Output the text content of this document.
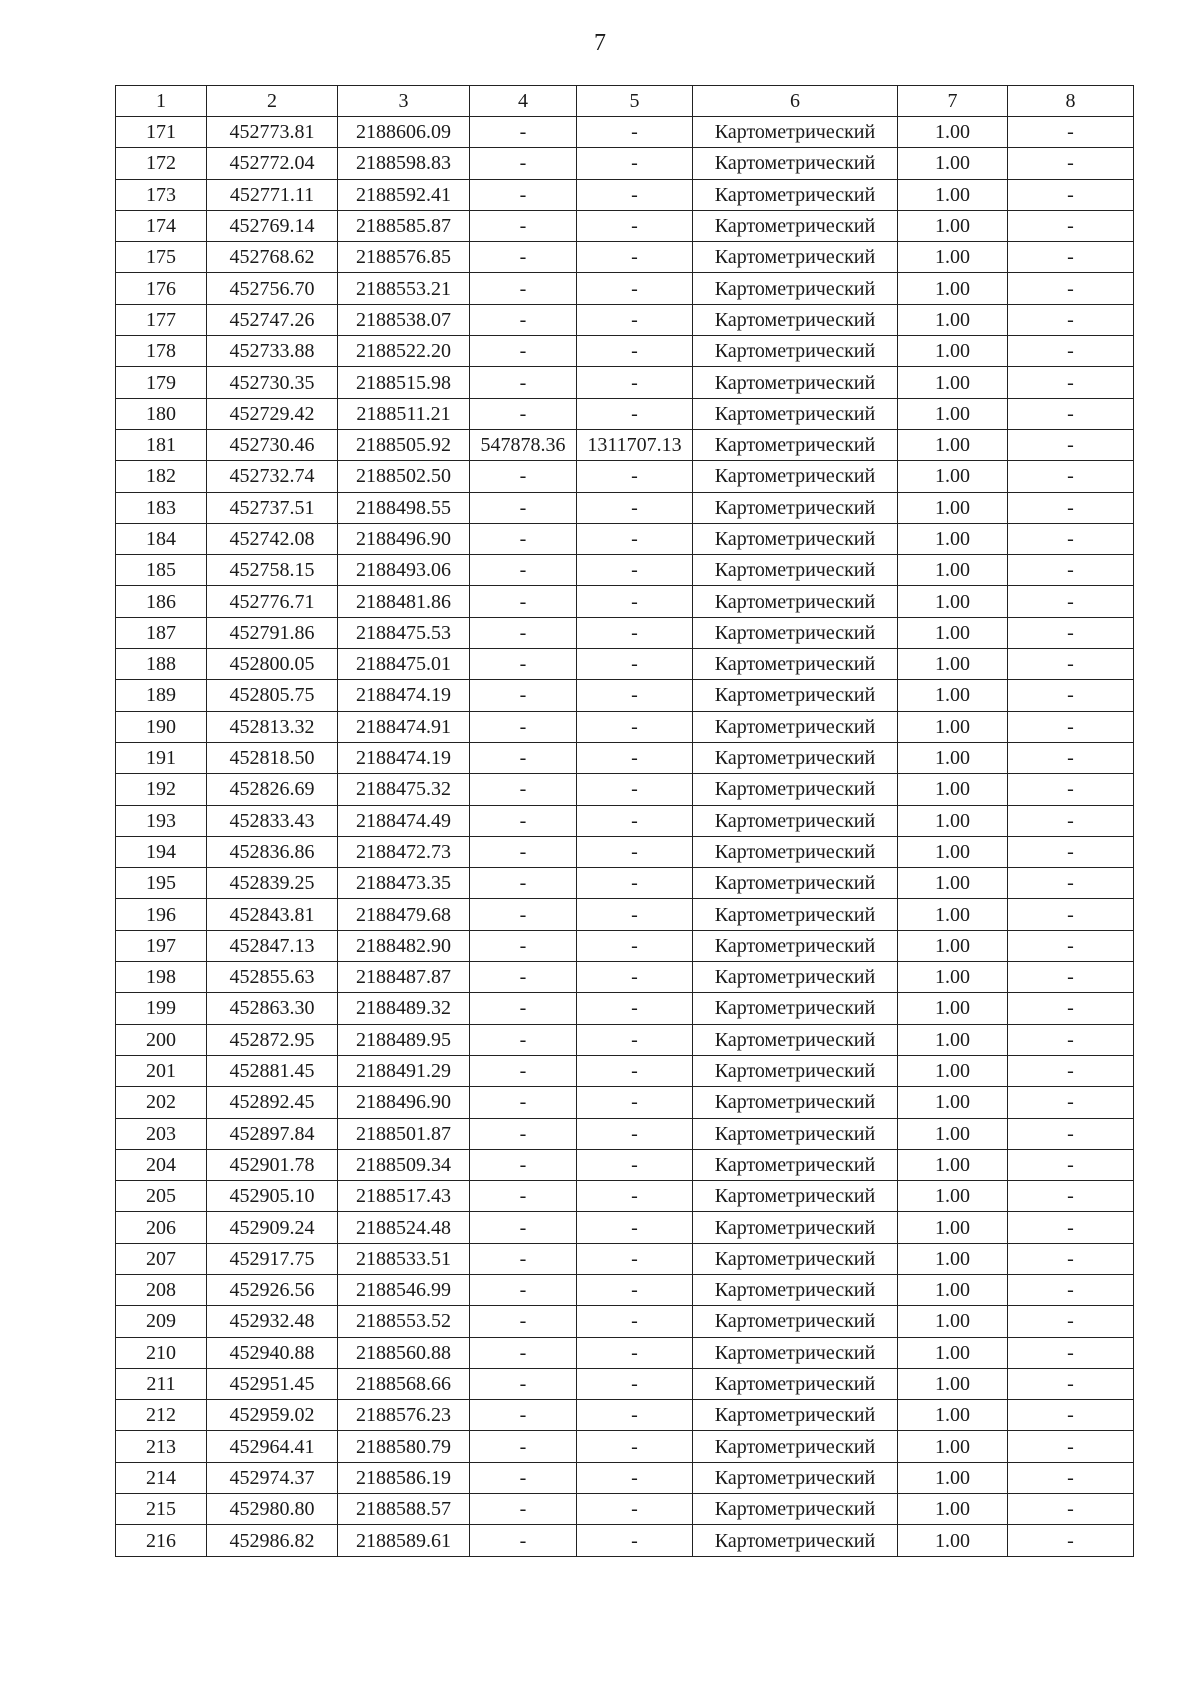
7
1	2	3	4	5	6	7	8
171	452773.81	2188606.09	-	-	Картометрический	1.00	-
172	452772.04	2188598.83	-	-	Картометрический	1.00	-
173	452771.11	2188592.41	-	-	Картометрический	1.00	-
174	452769.14	2188585.87	-	-	Картометрический	1.00	-
175	452768.62	2188576.85	-	-	Картометрический	1.00	-
176	452756.70	2188553.21	-	-	Картометрический	1.00	-
177	452747.26	2188538.07	-	-	Картометрический	1.00	-
178	452733.88	2188522.20	-	-	Картометрический	1.00	-
179	452730.35	2188515.98	-	-	Картометрический	1.00	-
180	452729.42	2188511.21	-	-	Картометрический	1.00	-
181	452730.46	2188505.92	547878.36	1311707.13	Картометрический	1.00	-
182	452732.74	2188502.50	-	-	Картометрический	1.00	-
183	452737.51	2188498.55	-	-	Картометрический	1.00	-
184	452742.08	2188496.90	-	-	Картометрический	1.00	-
185	452758.15	2188493.06	-	-	Картометрический	1.00	-
186	452776.71	2188481.86	-	-	Картометрический	1.00	-
187	452791.86	2188475.53	-	-	Картометрический	1.00	-
188	452800.05	2188475.01	-	-	Картометрический	1.00	-
189	452805.75	2188474.19	-	-	Картометрический	1.00	-
190	452813.32	2188474.91	-	-	Картометрический	1.00	-
191	452818.50	2188474.19	-	-	Картометрический	1.00	-
192	452826.69	2188475.32	-	-	Картометрический	1.00	-
193	452833.43	2188474.49	-	-	Картометрический	1.00	-
194	452836.86	2188472.73	-	-	Картометрический	1.00	-
195	452839.25	2188473.35	-	-	Картометрический	1.00	-
196	452843.81	2188479.68	-	-	Картометрический	1.00	-
197	452847.13	2188482.90	-	-	Картометрический	1.00	-
198	452855.63	2188487.87	-	-	Картометрический	1.00	-
199	452863.30	2188489.32	-	-	Картометрический	1.00	-
200	452872.95	2188489.95	-	-	Картометрический	1.00	-
201	452881.45	2188491.29	-	-	Картометрический	1.00	-
202	452892.45	2188496.90	-	-	Картометрический	1.00	-
203	452897.84	2188501.87	-	-	Картометрический	1.00	-
204	452901.78	2188509.34	-	-	Картометрический	1.00	-
205	452905.10	2188517.43	-	-	Картометрический	1.00	-
206	452909.24	2188524.48	-	-	Картометрический	1.00	-
207	452917.75	2188533.51	-	-	Картометрический	1.00	-
208	452926.56	2188546.99	-	-	Картометрический	1.00	-
209	452932.48	2188553.52	-	-	Картометрический	1.00	-
210	452940.88	2188560.88	-	-	Картометрический	1.00	-
211	452951.45	2188568.66	-	-	Картометрический	1.00	-
212	452959.02	2188576.23	-	-	Картометрический	1.00	-
213	452964.41	2188580.79	-	-	Картометрический	1.00	-
214	452974.37	2188586.19	-	-	Картометрический	1.00	-
215	452980.80	2188588.57	-	-	Картометрический	1.00	-
216	452986.82	2188589.61	-	-	Картометрический	1.00	-
